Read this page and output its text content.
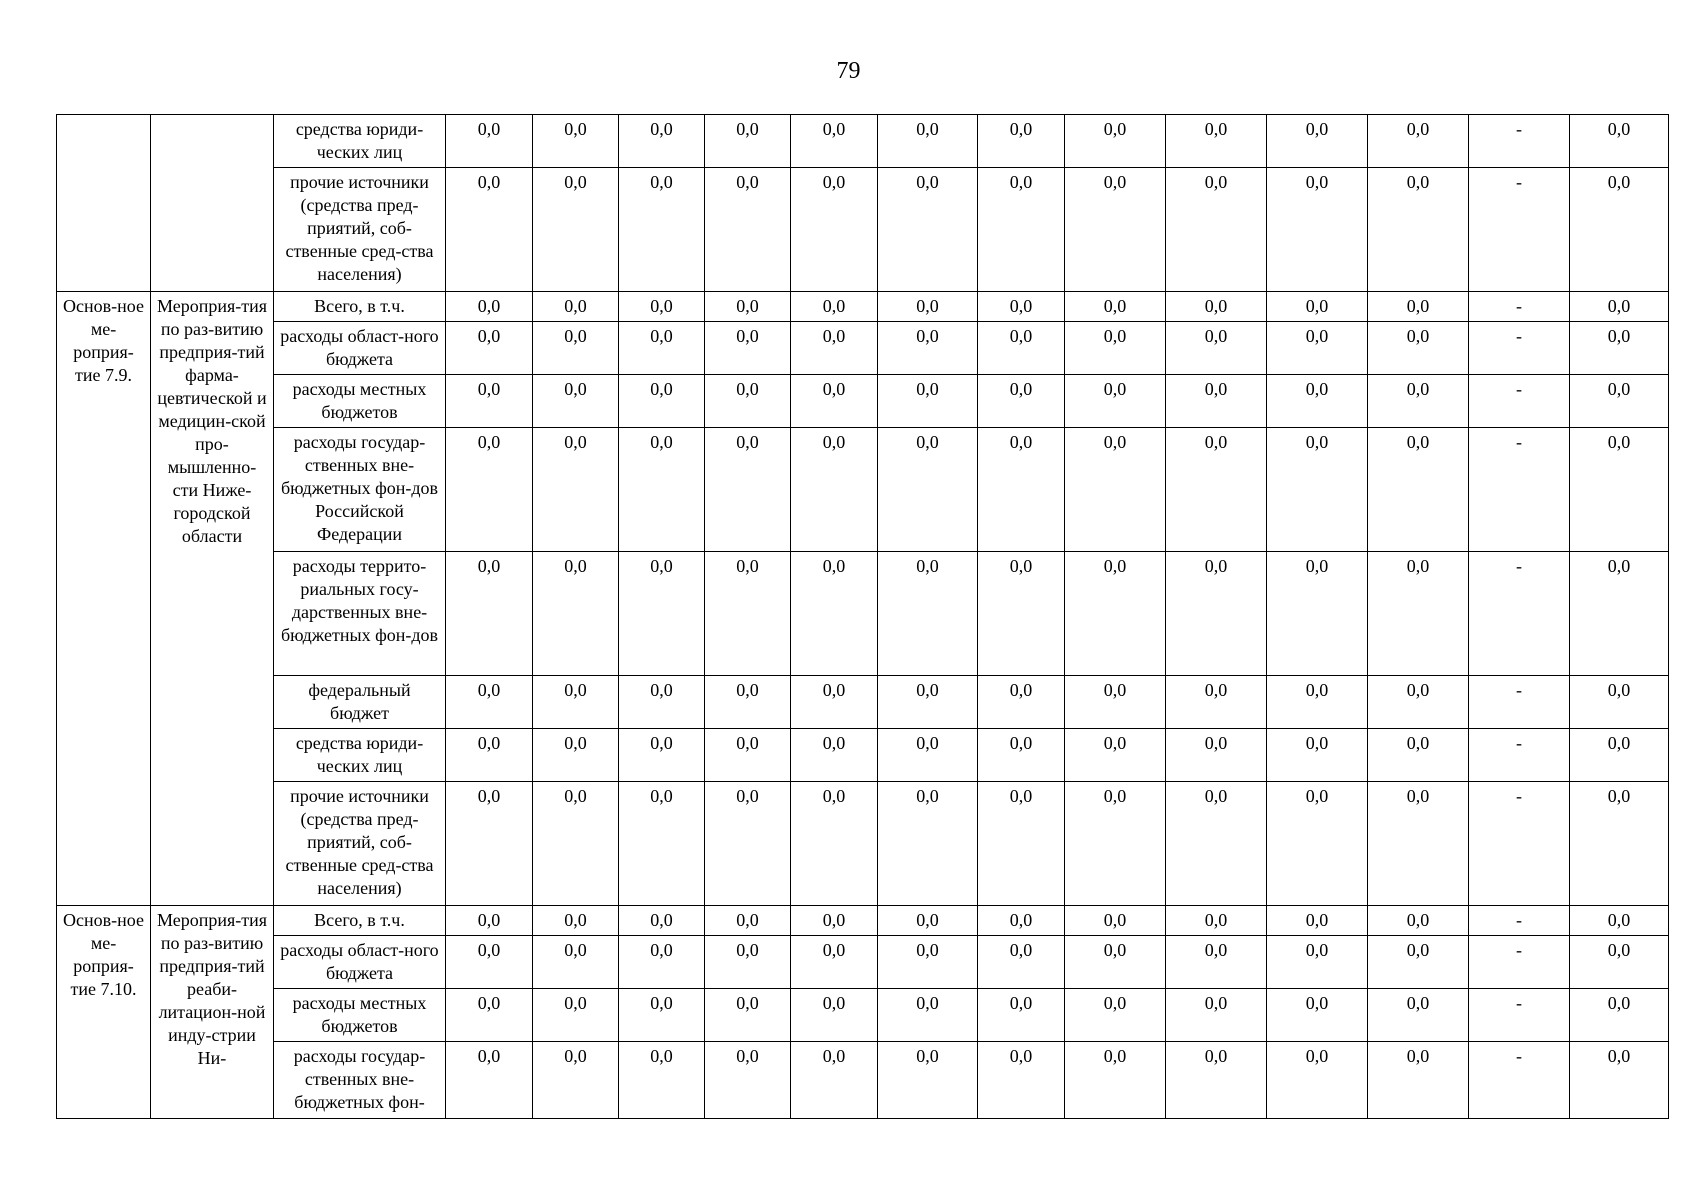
79
		средства юриди-ческих лиц	0,0	0,0	0,0	0,0	0,0	0,0	0,0	0,0	0,0	0,0	0,0	-	0,0
		прочие источники (средства пред-приятий, соб-ственные сред-ства населения)	0,0	0,0	0,0	0,0	0,0	0,0	0,0	0,0	0,0	0,0	0,0	-	0,0
Основ-ное ме-роприя-тие 7.9.	Мероприя-тия по раз-витию предприя-тий фарма-цевтической и медицин-ской про-мышленно-сти Ниже-городской области	Всего, в т.ч.	0,0	0,0	0,0	0,0	0,0	0,0	0,0	0,0	0,0	0,0	0,0	-	0,0
		расходы област-ного бюджета	0,0	0,0	0,0	0,0	0,0	0,0	0,0	0,0	0,0	0,0	0,0	-	0,0
		расходы местных бюджетов	0,0	0,0	0,0	0,0	0,0	0,0	0,0	0,0	0,0	0,0	0,0	-	0,0
		расходы государ-ственных вне-бюджетных фон-дов Российской Федерации	0,0	0,0	0,0	0,0	0,0	0,0	0,0	0,0	0,0	0,0	0,0	-	0,0
		расходы террито-риальных госу-дарственных вне-бюджетных фон-дов	0,0	0,0	0,0	0,0	0,0	0,0	0,0	0,0	0,0	0,0	0,0	-	0,0
		федеральный бюджет	0,0	0,0	0,0	0,0	0,0	0,0	0,0	0,0	0,0	0,0	0,0	-	0,0
		средства юриди-ческих лиц	0,0	0,0	0,0	0,0	0,0	0,0	0,0	0,0	0,0	0,0	0,0	-	0,0
		прочие источники (средства пред-приятий, соб-ственные сред-ства населения)	0,0	0,0	0,0	0,0	0,0	0,0	0,0	0,0	0,0	0,0	0,0	-	0,0
Основ-ное ме-роприя-тие 7.10.	Мероприя-тия по раз-витию предприя-тий реаби-литацион-ной инду-стрии Ни-	Всего, в т.ч.	0,0	0,0	0,0	0,0	0,0	0,0	0,0	0,0	0,0	0,0	0,0	-	0,0
		расходы област-ного бюджета	0,0	0,0	0,0	0,0	0,0	0,0	0,0	0,0	0,0	0,0	0,0	-	0,0
		расходы местных бюджетов	0,0	0,0	0,0	0,0	0,0	0,0	0,0	0,0	0,0	0,0	0,0	-	0,0
		расходы государ-ственных вне-бюджетных фон-	0,0	0,0	0,0	0,0	0,0	0,0	0,0	0,0	0,0	0,0	0,0	-	0,0
